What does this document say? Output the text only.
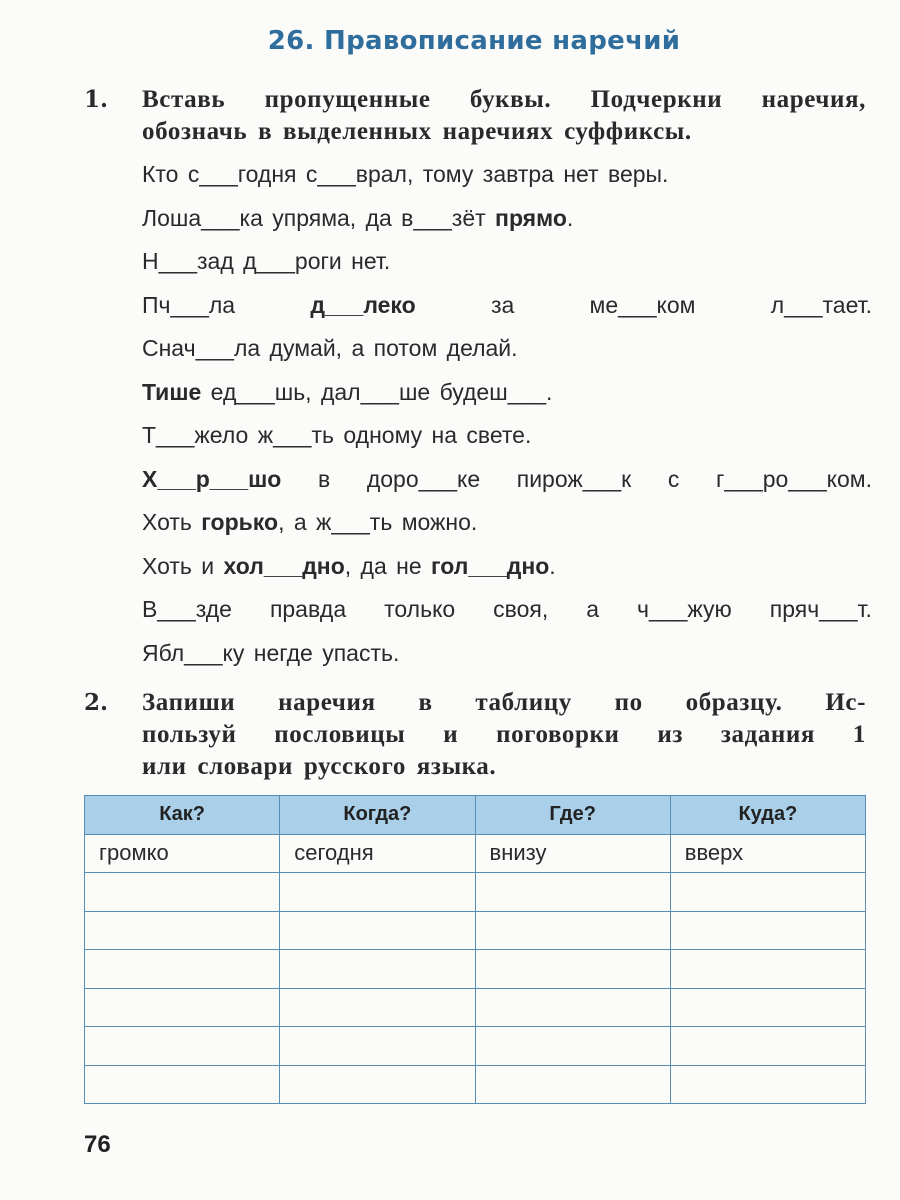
26. Правописание наречий
1. Вставь пропущенные буквы. Подчеркни наречия,
обозначь в выделенных наречиях суффиксы.
Кто с___годня с___врал, тому завтра нет веры.
Лоша___ка упряма, да в___зёт прямо.
Н___зад д___роги нет.
Пч___ла	д___леко	за	ме___ком	л___тает.
Снач___ла думай, а потом делай.
Тише ед___шь, дал___ше будеш___.
Т___жело ж___ть одному на свете.
Х___р___шо в доро___ке пирож___к с г___ро___ком.
Хоть горько, а ж___ть можно.
Хоть и хол___дно, да не гол___дно.
В___зде правда только своя, а ч___жую пряч___т.
Ябл___ку негде упасть.
2. Запиши наречия в таблицу по образцу. Ис-
пользуй пословицы и поговорки из задания 1
или словари русского языка.
Как?	Когда?	Где?	Куда?
громко	сегодня	внизу	вверх

76
